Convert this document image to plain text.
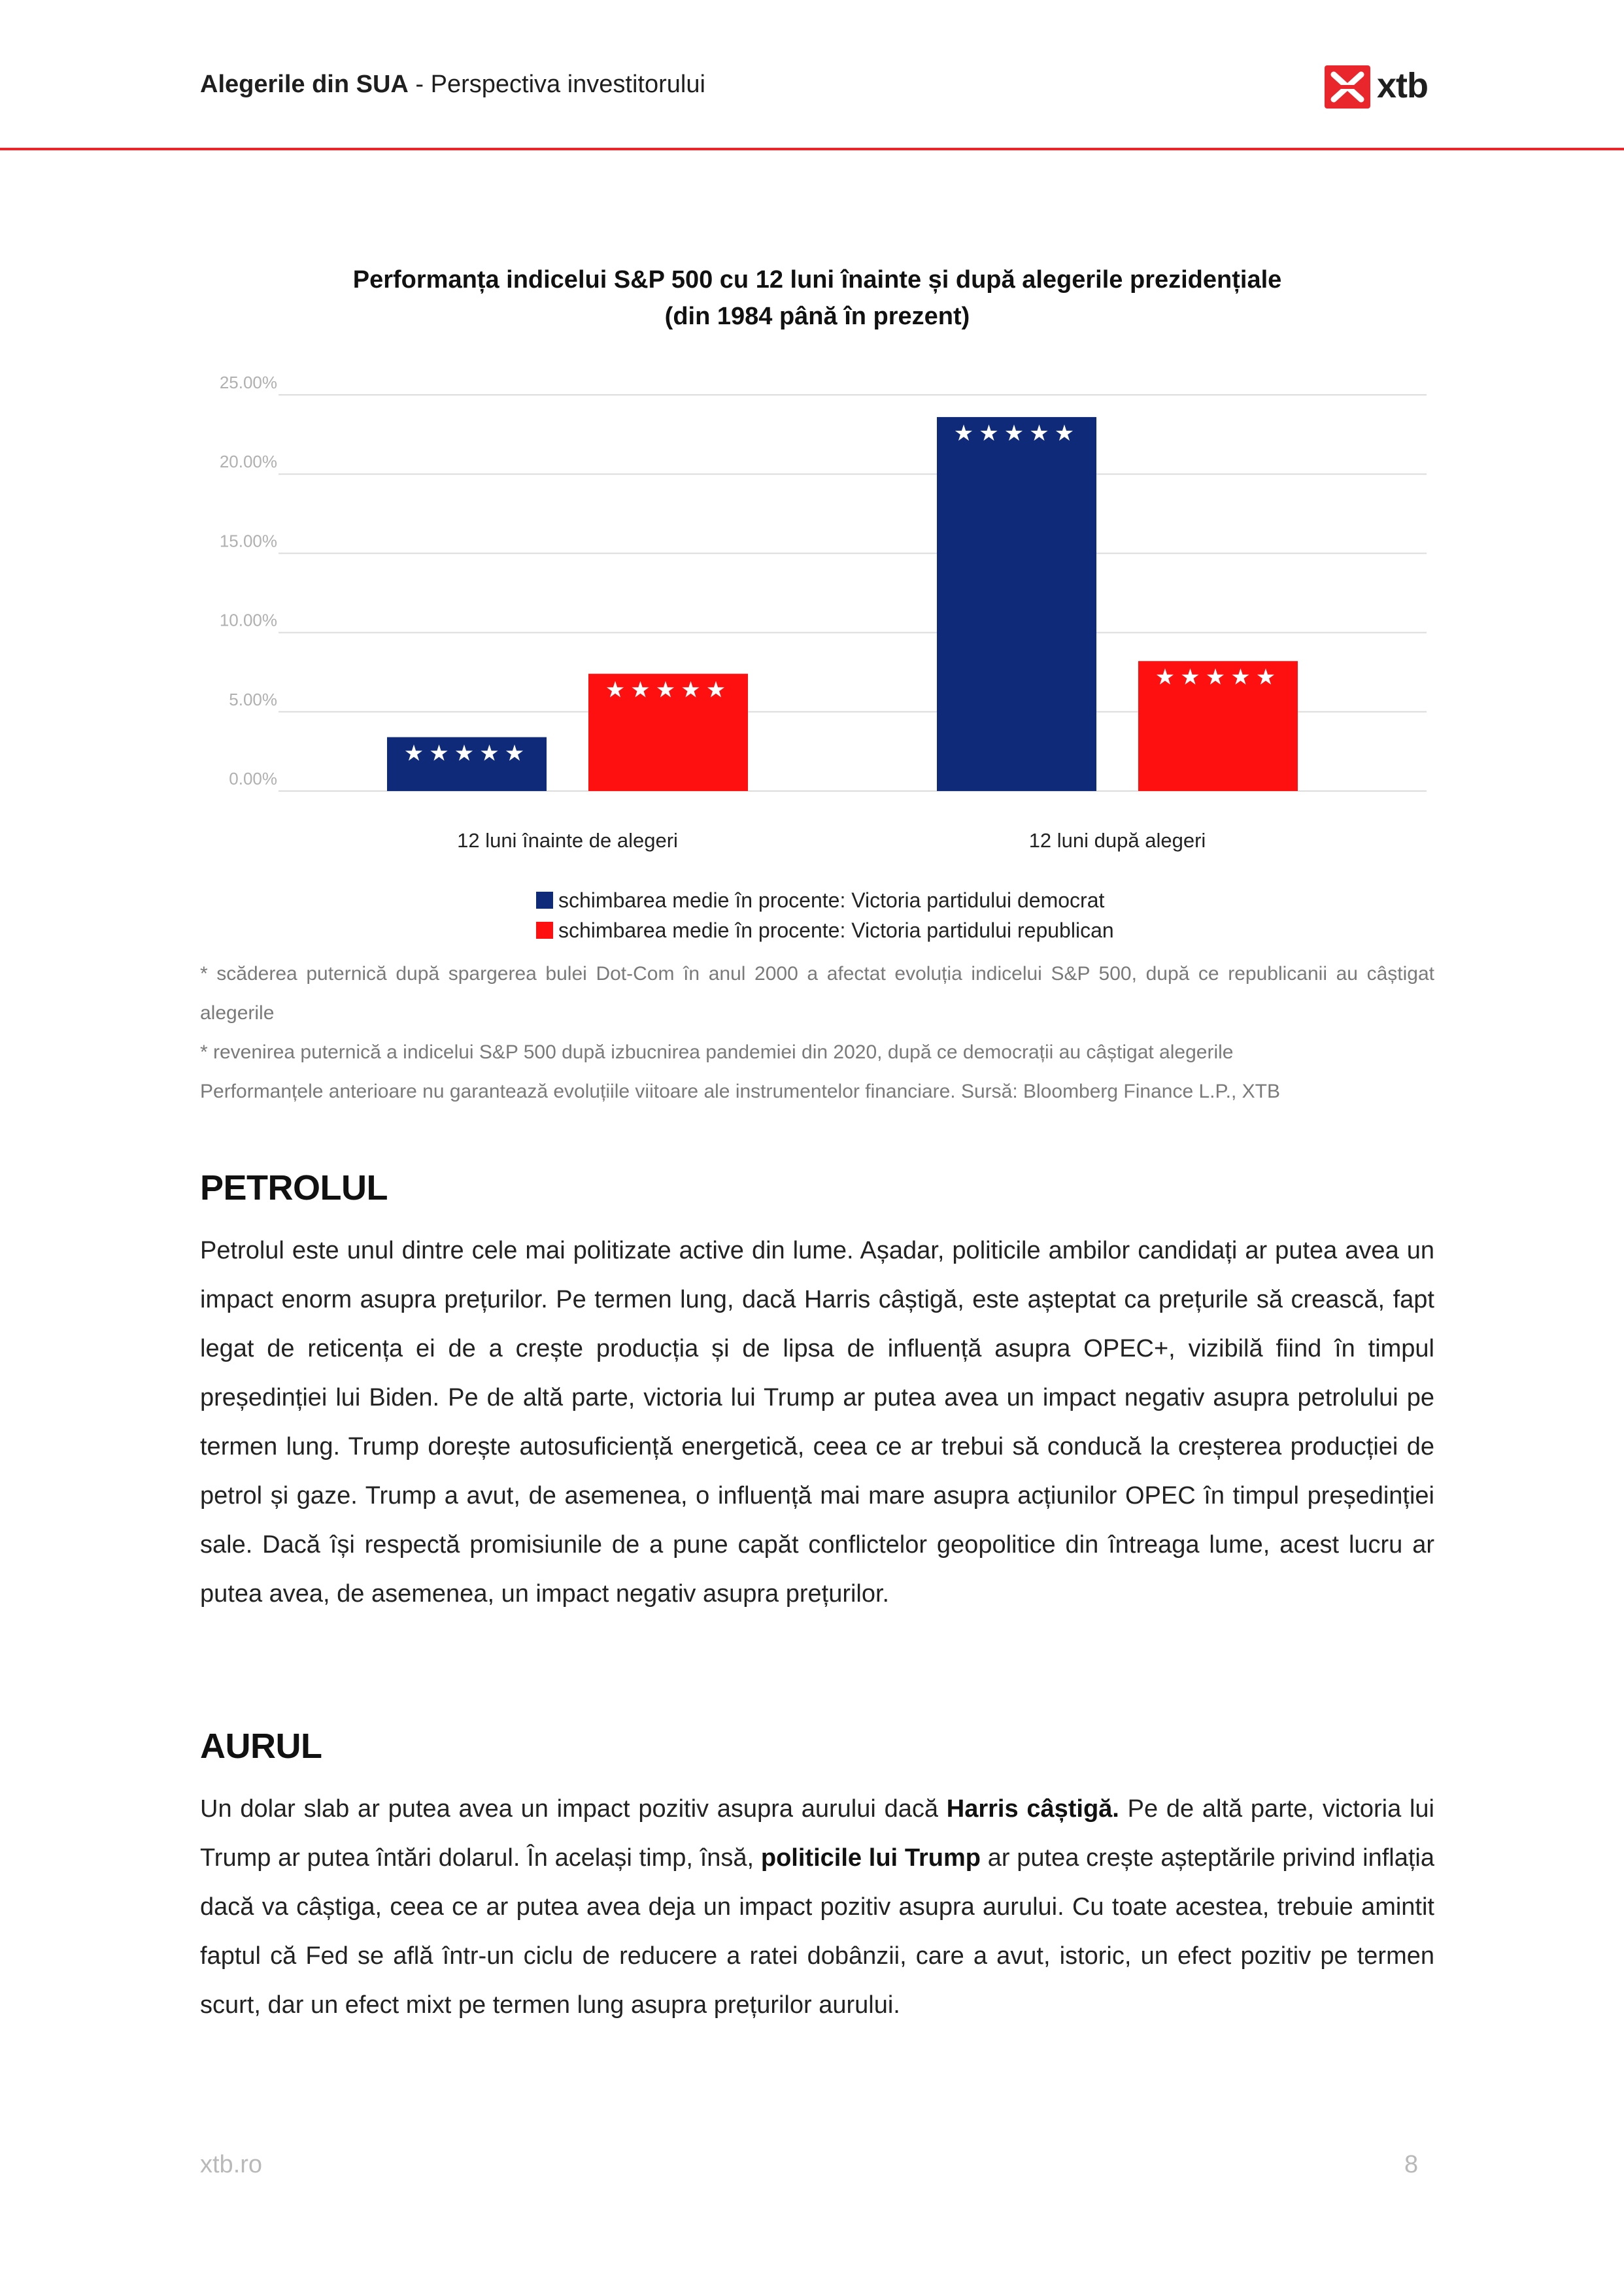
Alegerile din SUA - Perspectiva investitorului	xtb
Performanța indicelui S&P 500 cu 12 luni înainte și după alegerile prezidențiale
(din 1984 până în prezent)
0.00%
5.00%
10.00%
15.00%
20.00%
25.00%
★★★★★
★★★★★
12 luni înainte de alegeri
★★★★★
★★★★★
12 luni după alegeri
schimbarea medie în procente: Victoria partidului democrat
schimbarea medie în procente: Victoria partidului republican

* scăderea puternică după spargerea bulei Dot-Com în anul 2000 a afectat evoluția indicelui S&P 500, după ce republicanii au câștigat alegerile

* revenirea puternică a indicelui S&P 500 după izbucnirea pandemiei din 2020, după ce democrații au câștigat alegerile

Performanțele anterioare nu garantează evoluțiile viitoare ale instrumentelor financiare. Sursă: Bloomberg Finance L.P., XTB

PETROLUL

Petrolul este unul dintre cele mai politizate active din lume. Așadar, politicile ambilor candidați ar putea avea un impact enorm asupra prețurilor. Pe termen lung, dacă Harris câștigă, este așteptat ca prețurile să crească, fapt legat de reticența ei de a crește producția și de lipsa de influență asupra OPEC+, vizibilă fiind în timpul președinției lui Biden. Pe de altă parte, victoria lui Trump ar putea avea un impact negativ asupra petrolului pe termen lung. Trump dorește autosuficiență energetică, ceea ce ar trebui să conducă la creșterea producției de petrol și gaze. Trump a avut, de asemenea, o influență mai mare asupra acțiunilor OPEC în timpul președinției sale. Dacă își respectă promisiunile de a pune capăt conflictelor geopolitice din întreaga lume, acest lucru ar putea avea, de asemenea, un impact negativ asupra prețurilor.

AURUL

Un dolar slab ar putea avea un impact pozitiv asupra aurului dacă Harris câștigă. Pe de altă parte, victoria lui Trump ar putea întări dolarul. În același timp, însă, politicile lui Trump ar putea crește așteptările privind inflația dacă va câștiga, ceea ce ar putea avea deja un impact pozitiv asupra aurului. Cu toate acestea, trebuie amintit faptul că Fed se află într-un ciclu de reducere a ratei dobânzii, care a avut, istoric, un efect pozitiv pe termen scurt, dar un efect mixt pe termen lung asupra prețurilor aurului.

xtb.ro	8
